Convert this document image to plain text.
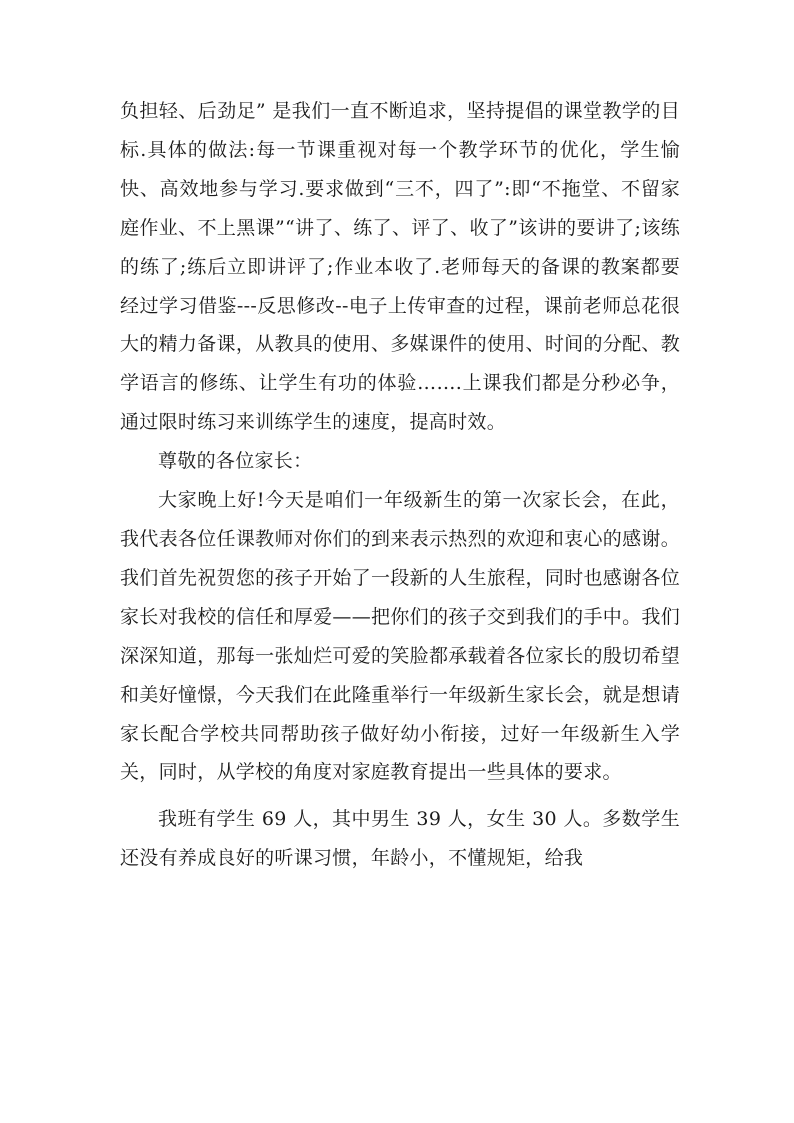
负担轻、后劲足” 是我们一直不断追求，坚持提倡的课堂教学的目标.具体的做法:每一节课重视对每一个教学环节的优化，学生愉快、高效地参与学习.要求做到“三不，四了”:即“不拖堂、不留家庭作业、不上黑课”“讲了、练了、评了、收了”该讲的要讲了;该练的练了;练后立即讲评了;作业本收了.老师每天的备课的教案都要经过学习借鉴---反思修改--电子上传审查的过程，课前老师总花很大的精力备课，从教具的使用、多媒课件的使用、时间的分配、教学语言的修练、让学生有功的体验…….上课我们都是分秒必争，通过限时练习来训练学生的速度，提高时效。

尊敬的各位家长：

大家晚上好!今天是咱们一年级新生的第一次家长会，在此，我代表各位任课教师对你们的到来表示热烈的欢迎和衷心的感谢。我们首先祝贺您的孩子开始了一段新的人生旅程，同时也感谢各位家长对我校的信任和厚爱——把你们的孩子交到我们的手中。我们深深知道，那每一张灿烂可爱的笑脸都承载着各位家长的殷切希望和美好憧憬，今天我们在此隆重举行一年级新生家长会，就是想请家长配合学校共同帮助孩子做好幼小衔接，过好一年级新生入学关，同时，从学校的角度对家庭教育提出一些具体的要求。

我班有学生 69 人，其中男生 39 人，女生 30 人。多数学生还没有养成良好的听课习惯，年龄小，不懂规矩，给我
